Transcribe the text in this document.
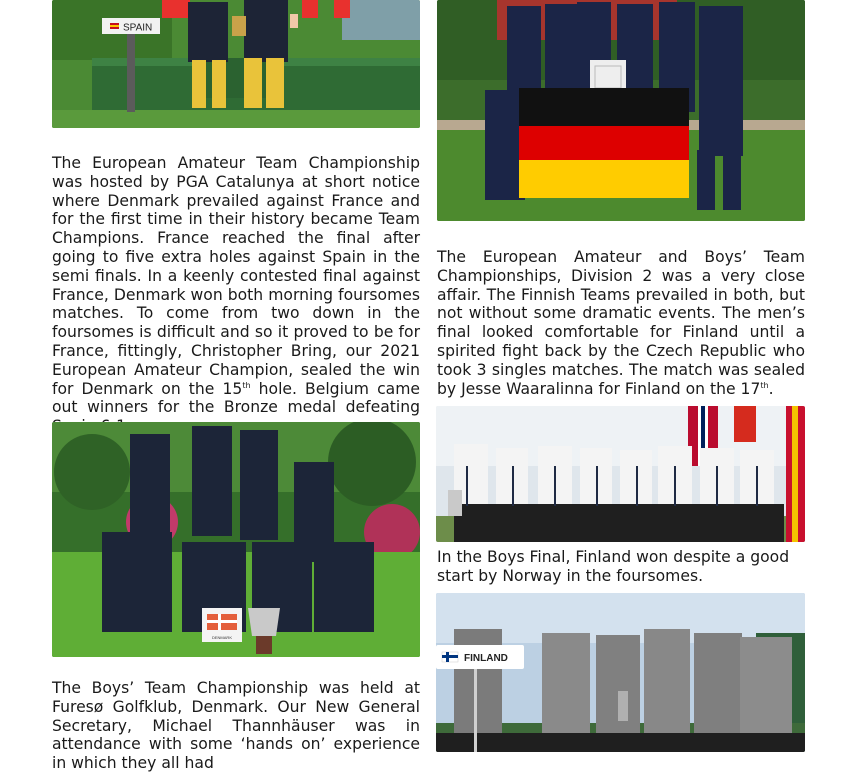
SPAIN

The European Amateur Team Championship was hosted by PGA Catalunya at short notice where Denmark prevailed against France and for the first time in their history became Team Champions. France reached the final after going to five extra holes against Spain in the semi finals. In a keenly contested final against France, Denmark won both morning foursomes matches. To come from two down in the foursomes is difficult and so it proved to be for France, fittingly, Christopher Bring, our 2021 European Amateur Champion, sealed the win for Denmark on the 15th hole. Belgium came out winners for the Bronze medal defeating

DENMARK

The Boys’ Team Championship was held at Furesø Golfklub, Denmark. Our New General Secretary, Michael Thannhäuser was in attendance with some ‘hands on’ experience in which they all had

The European Amateur and Boys’ Team Championships, Division 2 was a very close affair. The Finnish Teams prevailed in both, but not without some dramatic events. The men’s final looked comfortable for Finland until a spirited fight back by the Czech Republic who took 3 singles matches. The match was sealed by Jesse Waaralinna for Finland on the 17th.

In the Boys Final, Finland won despite a good start by Norway in the foursomes.

FINLAND
